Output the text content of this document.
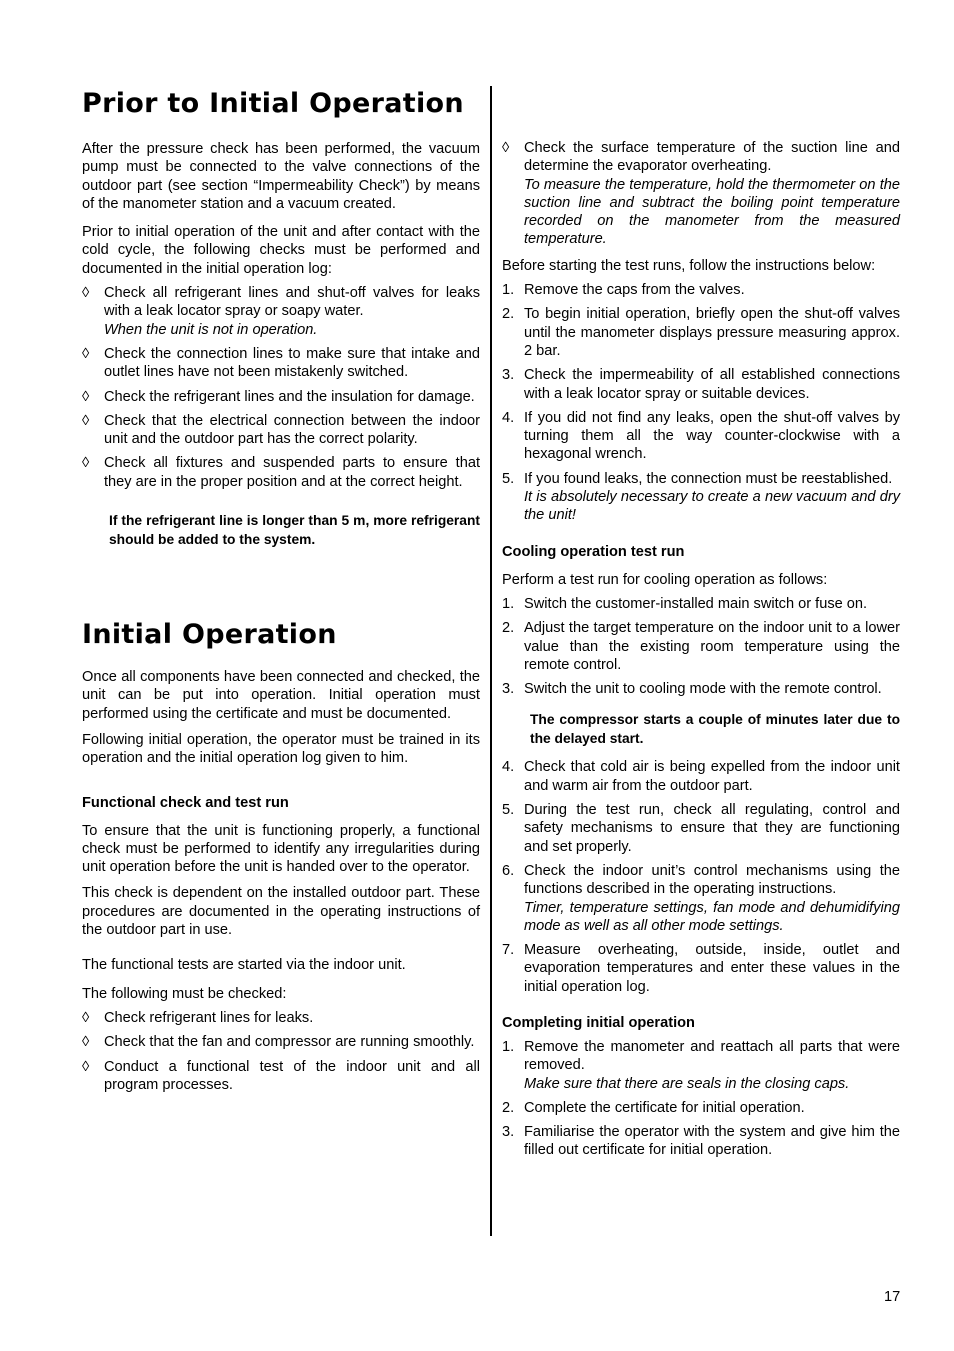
Prior to Initial Operation

After the pressure check has been performed, the vacuum pump must be connected to the valve connections of the outdoor part (see section “Impermeability Check”) by means of the manometer station and a vacuum created.

Prior to initial operation of the unit and after contact with the cold cycle, the following checks must be performed and documented in the initial operation log:

◊ Check all refrigerant lines and shut-off valves for leaks with a leak locator spray or soapy water.
When the unit is not in operation.
◊ Check the connection lines to make sure that intake and outlet lines have not been mistakenly switched.
◊ Check the refrigerant lines and the insulation for damage.
◊ Check that the electrical connection between the indoor unit and the outdoor part has the correct polarity.
◊ Check all fixtures and suspended parts to ensure that they are in the proper position and at the correct height.

If the refrigerant line is longer than 5 m, more refrigerant should be added to the system.

Initial Operation

Once all components have been connected and checked, the unit can be put into operation. Initial operation must performed using the certificate and must be documented.

Following initial operation, the operator must be trained in its operation and the initial operation log given to him.

Functional check and test run

To ensure that the unit is functioning properly, a functional check must be performed to identify any irregularities during unit operation before the unit is handed over to the operator.

This check is dependent on the installed outdoor part. These procedures are documented in the operating instructions of the outdoor part in use.

The functional tests are started via the indoor unit.

The following must be checked:

◊ Check refrigerant lines for leaks.
◊ Check that the fan and compressor are running smoothly.
◊ Conduct a functional test of the indoor unit and all program processes.
◊ Check the surface temperature of the suction line and determine the evaporator overheating.
To measure the temperature, hold the thermometer on the suction line and subtract the boiling point temperature recorded on the manometer from the measured temperature.

Before starting the test runs, follow the instructions below:

1. Remove the caps from the valves.
2. To begin initial operation, briefly open the shut-off valves until the manometer displays pressure measuring approx. 2 bar.
3. Check the impermeability of all established connections with a leak locator spray or suitable devices.
4. If you did not find any leaks, open the shut-off valves by turning them all the way counter-clockwise with a hexagonal wrench.
5. If you found leaks, the connection must be reestablished.
It is absolutely necessary to create a new vacuum and dry the unit!
Cooling operation test run

Perform a test run for cooling operation as follows:

1. Switch the customer-installed main switch or fuse on.
2. Adjust the target temperature on the indoor unit to a lower value than the existing room temperature using the remote control.
3. Switch the unit to cooling mode with the remote control.

The compressor starts a couple of minutes later due to the delayed start.

4. Check that cold air is being expelled from the indoor unit and warm air from the outdoor part.
5. During the test run, check all regulating, control and safety mechanisms to ensure that they are functioning and set properly.
6. Check the indoor unit’s control mechanisms using the functions described in the operating instructions.
Timer, temperature settings, fan mode and dehumidifying mode as well as all other mode settings.
7. Measure overheating, outside, inside, outlet and evaporation temperatures and enter these values in the initial operation log.
Completing initial operation
1. Remove the manometer and reattach all parts that were removed.
Make sure that there are seals in the closing caps.
2. Complete the certificate for initial operation.
3. Familiarise the operator with the system and give him the filled out certificate for initial operation.
17
